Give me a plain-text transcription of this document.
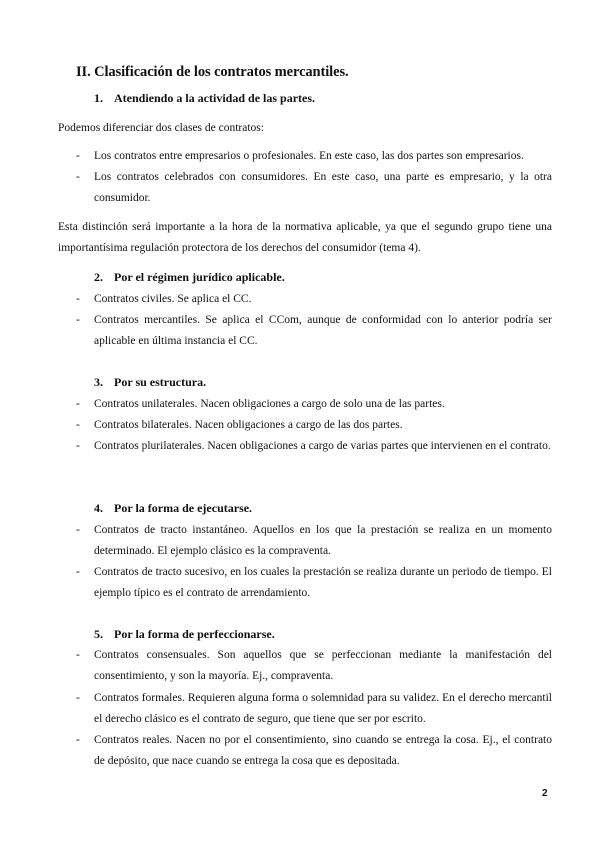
II. Clasificación de los contratos mercantiles.
1. Atendiendo a la actividad de las partes.
Podemos diferenciar dos clases de contratos:
- Los contratos entre empresarios o profesionales. En este caso, las dos partes son empresarios.
- Los contratos celebrados con consumidores. En este caso, una parte es empresario, y la otra consumidor.
Esta distinción será importante a la hora de la normativa aplicable, ya que el segundo grupo tiene una importantísima regulación protectora de los derechos del consumidor (tema 4).
2. Por el régimen jurídico aplicable.
- Contratos civiles. Se aplica el CC.
- Contratos mercantiles. Se aplica el CCom, aunque de conformidad con lo anterior podría ser aplicable en última instancia el CC.
3. Por su estructura.
- Contratos unilaterales. Nacen obligaciones a cargo de solo una de las partes.
- Contratos bilaterales. Nacen obligaciones a cargo de las dos partes.
- Contratos plurilaterales. Nacen obligaciones a cargo de varias partes que intervienen en el contrato.
4. Por la forma de ejecutarse.
- Contratos de tracto instantáneo. Aquellos en los que la prestación se realiza en un momento determinado. El ejemplo clásico es la compraventa.
- Contratos de tracto sucesivo, en los cuales la prestación se realiza durante un periodo de tiempo. El ejemplo típico es el contrato de arrendamiento.
5. Por la forma de perfeccionarse.
- Contratos consensuales. Son aquellos que se perfeccionan mediante la manifestación del consentimiento, y son la mayoría. Ej., compraventa.
- Contratos formales. Requieren alguna forma o solemnidad para su validez. En el derecho mercantil el derecho clásico es el contrato de seguro, que tiene que ser por escrito.
- Contratos reales. Nacen no por el consentimiento, sino cuando se entrega la cosa. Ej., el contrato de depósito, que nace cuando se entrega la cosa que es depositada.
2
